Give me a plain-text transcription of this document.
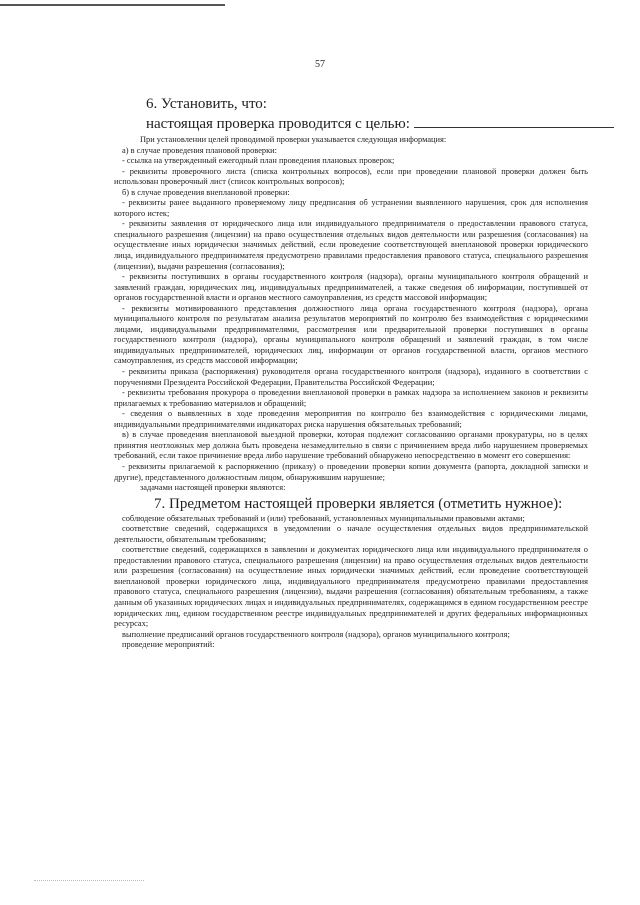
57
6. Установить, что:
настоящая проверка проводится с целью:

При установлении целей проводимой проверки указывается следующая информация:

а) в случае проведения плановой проверки:

- ссылка на утвержденный ежегодный план проведения плановых проверок;

- реквизиты проверочного листа (списка контрольных вопросов), если при проведении плановой проверки должен быть использован проверочный лист (список контрольных вопросов);

б) в случае проведения внеплановой проверки:

- реквизиты ранее выданного проверяемому лицу предписания об устранении выявленного нарушения, срок для исполнения которого истек;

- реквизиты заявления от юридического лица или индивидуального предпринимателя о предоставлении правового статуса, специального разрешения (лицензии) на право осуществления отдельных видов деятельности или разрешения (согласования) на осуществление иных юридически значимых действий, если проведение соответствующей внеплановой проверки юридического лица, индивидуального предпринимателя предусмотрено правилами предоставления правового статуса, специального разрешения (лицензии), выдачи разрешения (согласования);

- реквизиты поступивших в органы государственного контроля (надзора), органы муниципального контроля обращений и заявлений граждан, юридических лиц, индивидуальных предпринимателей, а также сведения об информации, поступившей от органов государственной власти и органов местного самоуправления, из средств массовой информации;

- реквизиты мотивированного представления должностного лица органа государственного контроля (надзора), органа муниципального контроля по результатам анализа результатов мероприятий по контролю без взаимодействия с юридическими лицами, индивидуальными предпринимателями, рассмотрения или предварительной проверки поступивших в органы государственного контроля (надзора), органы муниципального контроля обращений и заявлений граждан, в том числе индивидуальных предпринимателей, юридических лиц, информации от органов государственной власти, органов местного самоуправления, из средств массовой информации;

- реквизиты приказа (распоряжения) руководителя органа государственного контроля (надзора), изданного в соответствии с поручениями Президента Российской Федерации, Правительства Российской Федерации;

- реквизиты требования прокурора о проведении внеплановой проверки в рамках надзора за исполнением законов и реквизиты прилагаемых к требованию материалов и обращений;

- сведения о выявленных в ходе проведения мероприятия по контролю без взаимодействия с юридическими лицами, индивидуальными предпринимателями индикаторах риска нарушения обязательных требований;

в) в случае проведения внеплановой выездной проверки, которая подлежит согласованию органами прокуратуры, но в целях принятия неотложных мер должна быть проведена незамедлительно в связи с причинением вреда либо нарушением проверяемых требований, если такое причинение вреда либо нарушение требований обнаружено непосредственно в момент его совершения:

- реквизиты прилагаемой к распоряжению (приказу) о проведении проверки копии документа (рапорта, докладной записки и другие), представленного должностным лицом, обнаружившим нарушение;

задачами настоящей проверки являются:

7. Предметом настоящей проверки является (отметить нужное):

соблюдение обязательных требований и (или) требований, установленных муниципальными правовыми актами;

соответствие сведений, содержащихся в уведомлении о начале осуществления отдельных видов предпринимательской деятельности, обязательным требованиям;

соответствие сведений, содержащихся в заявлении и документах юридического лица или индивидуального предпринимателя о предоставлении правового статуса, специального разрешения (лицензии) на право осуществления отдельных видов деятельности или разрешения (согласования) на осуществление иных юридически значимых действий, если проведение соответствующей внеплановой проверки юридического лица, индивидуального предпринимателя предусмотрено правилами предоставления правового статуса, специального разрешения (лицензии), выдачи разрешения (согласования) обязательным требованиям, а также данным об указанных юридических лицах и индивидуальных предпринимателях, содержащимся в едином государственном реестре юридических лиц, едином государственном реестре индивидуальных предпринимателей и других федеральных информационных ресурсах;

выполнение предписаний органов государственного контроля (надзора), органов муниципального контроля;

проведение мероприятий:
